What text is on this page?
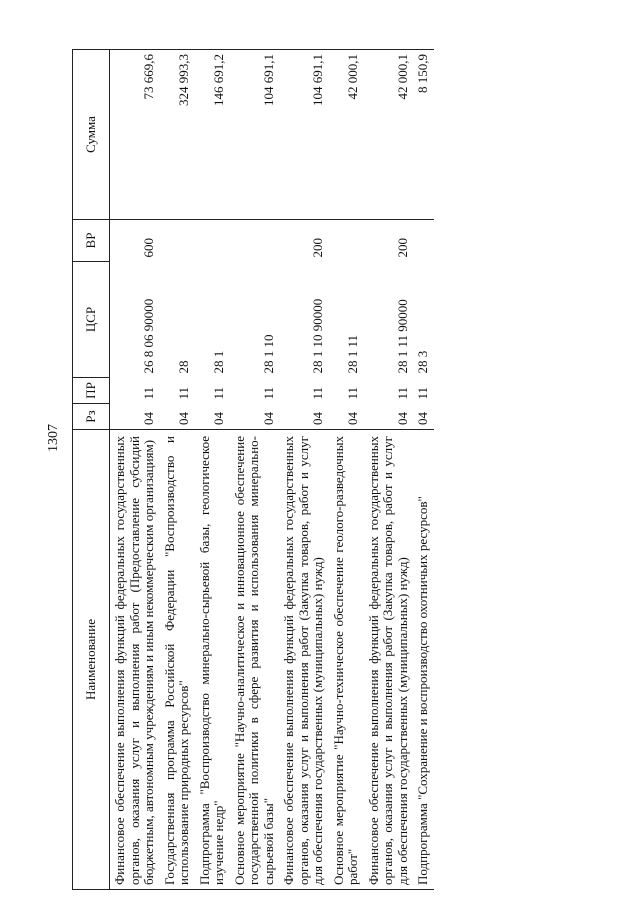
1307
Наименование	Рз	ПР	ЦСР	ВР	Сумма
Финансовое обеспечение выполнения функций федеральных государственных органов, оказания услуг и выполнения работ (Предоставление субсидий бюджетным, автономным учреждениям и иным некоммерческим организациям)	04	11	26 8 06 90000	600	73 669,6
Государственная программа Российской Федерации "Воспроизводство и использование природных ресурсов"	04	11	28		324 993,3
Подпрограмма "Воспроизводство минерально-сырьевой базы, геологическое изучение недр"	04	11	28 1		146 691,2
Основное мероприятие "Научно-аналитическое и инновационное обеспечение государственной политики в сфере развития и использования минерально-сырьевой базы"	04	11	28 1 10		104 691,1
Финансовое обеспечение выполнения функций федеральных государственных органов, оказания услуг и выполнения работ (Закупка товаров, работ и услуг для обеспечения государственных (муниципальных) нужд)	04	11	28 1 10 90000	200	104 691,1
Основное мероприятие "Научно-техническое обеспечение геолого-разведочных работ"	04	11	28 1 11		42 000,1
Финансовое обеспечение выполнения функций федеральных государственных органов, оказания услуг и выполнения работ (Закупка товаров, работ и услуг для обеспечения государственных (муниципальных) нужд)	04	11	28 1 11 90000	200	42 000,1
Подпрограмма "Сохранение и воспроизводство охотничьих ресурсов"	04	11	28 3		8 150,9
